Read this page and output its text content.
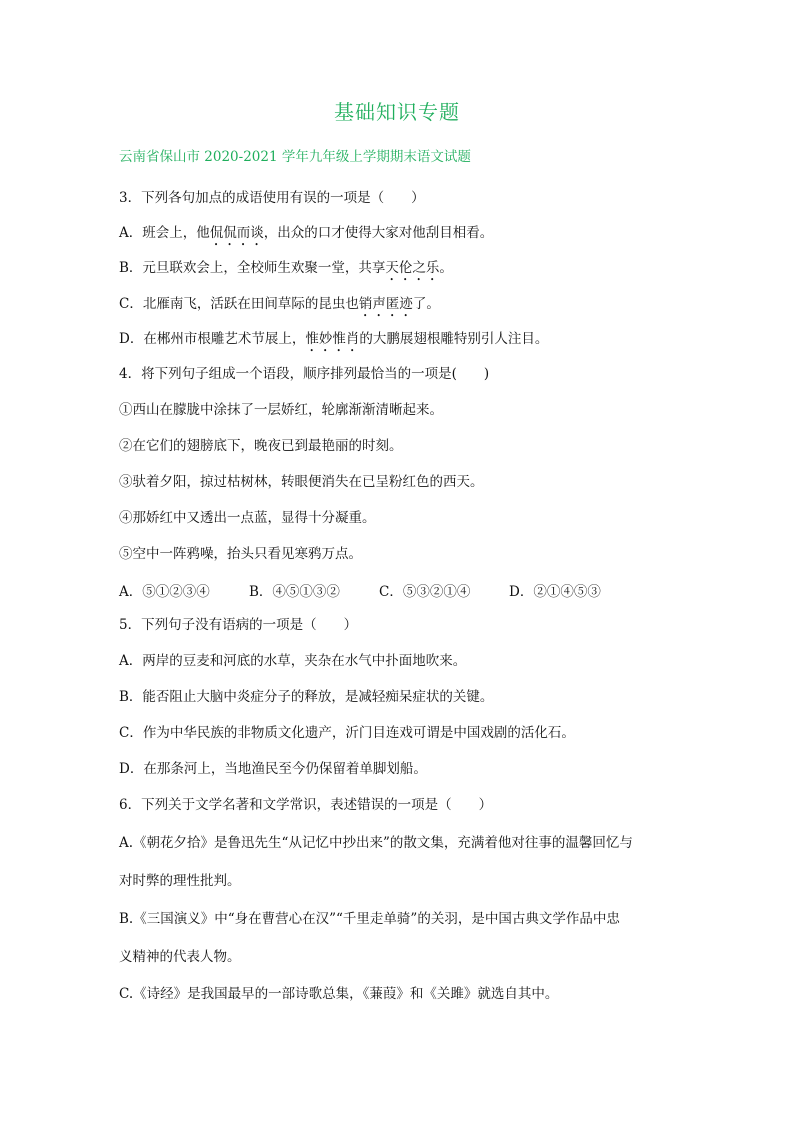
基础知识专题
云南省保山市 2020-2021 学年九年级上学期期末语文试题
3．下列各句加点的成语使用有误的一项是（　　）
A．班会上，他侃侃而谈，出众的口才使得大家对他刮目相看。
B．元旦联欢会上，全校师生欢聚一堂，共享天伦之乐。
C．北雁南飞，活跃在田间草际的昆虫也销声匿迹了。
D．在郴州市根雕艺术节展上，惟妙惟肖的大鹏展翅根雕特别引人注目。
4．将下列句子组成一个语段，顺序排列最恰当的一项是(　　)
①西山在朦胧中涂抹了一层娇红，轮廓渐渐清晰起来。
②在它们的翅膀底下，晚夜已到最艳丽的时刻。
③驮着夕阳，掠过枯树林，转眼便消失在已呈粉红色的西天。
④那娇红中又透出一点蓝，显得十分凝重。
⑤空中一阵鸦噪，抬头只看见寒鸦万点。
A．⑤①②③④	B．④⑤①③②	C．⑤③②①④	D．②①④⑤③
5．下列句子没有语病的一项是（　　）
A．两岸的豆麦和河底的水草，夹杂在水气中扑面地吹来。
B．能否阻止大脑中炎症分子的释放，是减轻痴呆症状的关键。
C．作为中华民族的非物质文化遗产，沂门目连戏可谓是中国戏剧的活化石。
D．在那条河上，当地渔民至今仍保留着单脚划船。
6．下列关于文学名著和文学常识，表述错误的一项是（　　）
A.《朝花夕拾》是鲁迅先生“从记忆中抄出来”的散文集，充满着他对往事的温馨回忆与
对时弊的理性批判。
B.《三国演义》中“身在曹营心在汉”“千里走单骑”的关羽，是中国古典文学作品中忠
义精神的代表人物。
C.《诗经》是我国最早的一部诗歌总集，《蒹葭》和《关雎》就选自其中。
